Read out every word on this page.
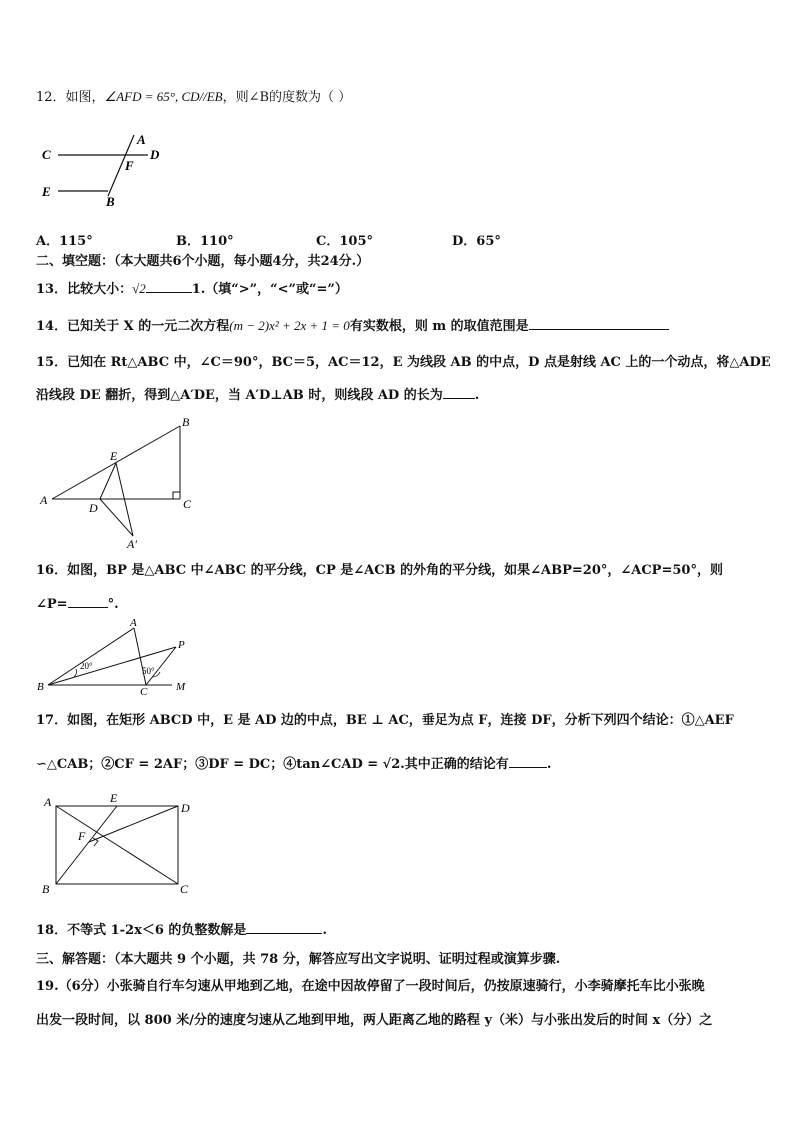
12．如图，∠AFD = 65°, CD//EB，则∠B的度数为（ ）
C	D
A
F
E
B
A．115°	B．110°	C．105°	D．65°
二、填空题：（本大题共6个小题，每小题4分，共24分.）
13．比较大小：√2	1.（填“>”，“<”或“=”）
14．已知关于 X 的一元二次方程(m − 2)x² + 2x + 1 = 0有实数根，则 m 的取值范围是
15．已知在 Rt△ABC 中，∠C＝90°，BC＝5，AC＝12，E 为线段 AB 的中点，D 点是射线 AC 上的一个动点，将△ADE
沿线段 DE 翻折，得到△A′DE，当 A′D⊥AB 时，则线段 AD 的长为 .
A
B
C
E
D
A′
16．如图，BP 是△ABC 中∠ABC 的平分线，CP 是∠ACB 的外角的平分线，如果∠ABP=20°，∠ACP=50°，则
∠P=	°.
20°	50°
A
B	C
P
M
17．如图，在矩形 ABCD 中，E 是 AD 边的中点，BE ⊥ AC，垂足为点 F，连接 DF，分析下列四个结论：①△AEF
∽△CAB；②CF = 2AF；③DF = DC；④tan∠CAD = √2.其中正确的结论有	.
A	E
D
F
B	C
18．不等式 1-2x＜6 的负整数解是	.
三、解答题：（本大题共 9 个小题，共 78 分，解答应写出文字说明、证明过程或演算步骤.
19.（6分）小张骑自行车匀速从甲地到乙地，在途中因故停留了一段时间后，仍按原速骑行，小李骑摩托车比小张晚
出发一段时间，以 800 米/分的速度匀速从乙地到甲地，两人距离乙地的路程 y（米）与小张出发后的时间 x（分）之
